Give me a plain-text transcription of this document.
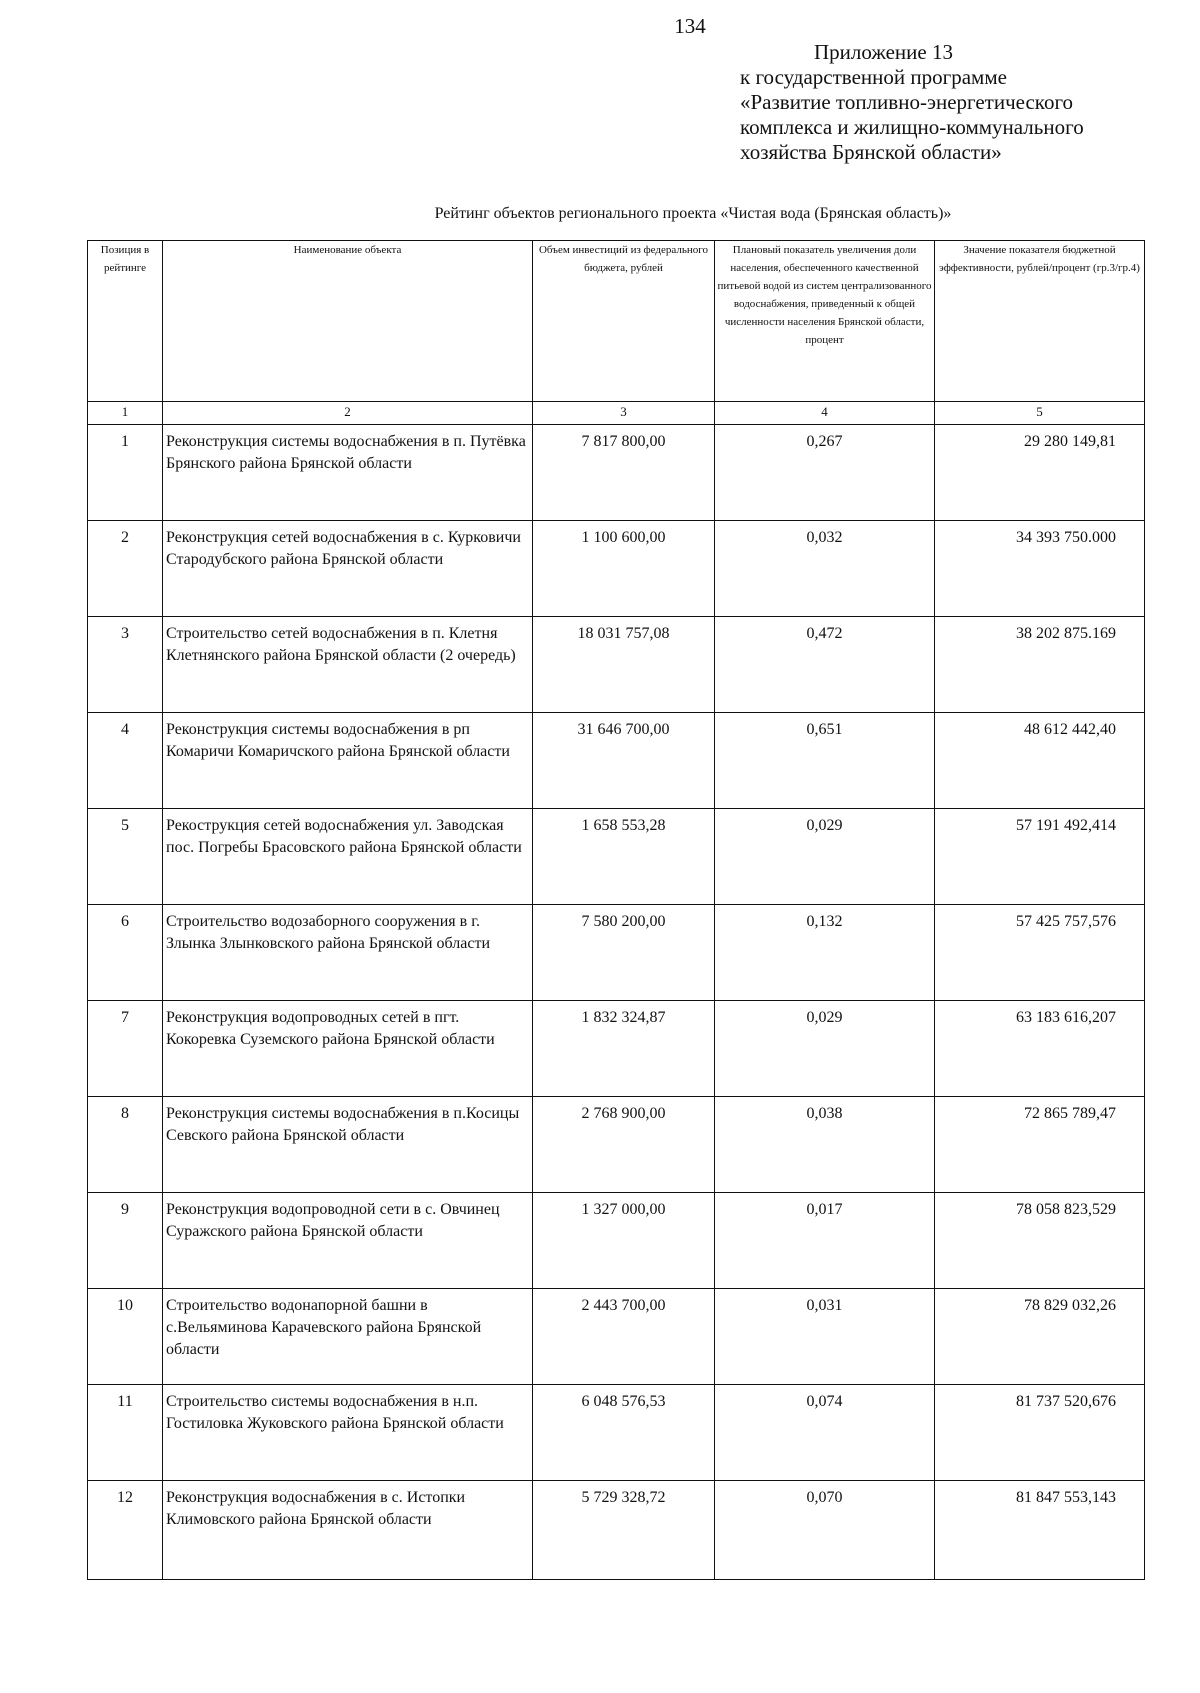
134
Приложение 13
к государственной программе
«Развитие топливно-энергетического
комплекса и жилищно-коммунального
хозяйства Брянской области»
Рейтинг объектов регионального проекта «Чистая вода (Брянская область)»
Позиция в рейтинге	Наименование объекта	Объем инвестиций из федерального бюджета, рублей	Плановый показатель увеличения доли населения, обеспеченного качественной питьевой водой из систем централизованного водоснабжения, приведенный к общей численности населения Брянской области, процент	Значение показателя бюджетной эффективности, рублей/процент (гр.3/гр.4)
1	2	3	4	5
1	Реконструкция системы водоснабжения в п. Путёвка Брянского района Брянской области	7 817 800,00	0,267	29 280 149,81
2	Реконструкция сетей водоснабжения в с. Курковичи Стародубского района Брянской области	1 100 600,00	0,032	34 393 750.000
3	Строительство сетей водоснабжения в п. Клетня Клетнянского района Брянской области (2 очередь)	18 031 757,08	0,472	38 202 875.169
4	Реконструкция системы водоснабжения в рп Комаричи Комаричского района Брянской области	31 646 700,00	0,651	48 612 442,40
5	Рекострукция сетей водоснабжения ул. Заводская пос. Погребы Брасовского района Брянской области	1 658 553,28	0,029	57 191 492,414
6	Строительство водозаборного сооружения в г. Злынка Злынковского района Брянской области	7 580 200,00	0,132	57 425 757,576
7	Реконструкция водопроводных сетей в пгт. Кокоревка Суземского района Брянской области	1 832 324,87	0,029	63 183 616,207
8	Реконструкция системы водоснабжения в п.Косицы Севского района Брянской области	2 768 900,00	0,038	72 865 789,47
9	Реконструкция водопроводной сети в с. Овчинец Суражского района Брянской области	1 327 000,00	0,017	78 058 823,529
10	Строительство водонапорной башни в с.Вельяминова Карачевского района Брянской области	2 443 700,00	0,031	78 829 032,26
11	Строительство системы водоснабжения в н.п. Гостиловка Жуковского района Брянской области	6 048 576,53	0,074	81 737 520,676
12	Реконструкция водоснабжения в с. Истопки Климовского района Брянской области	5 729 328,72	0,070	81 847 553,143
